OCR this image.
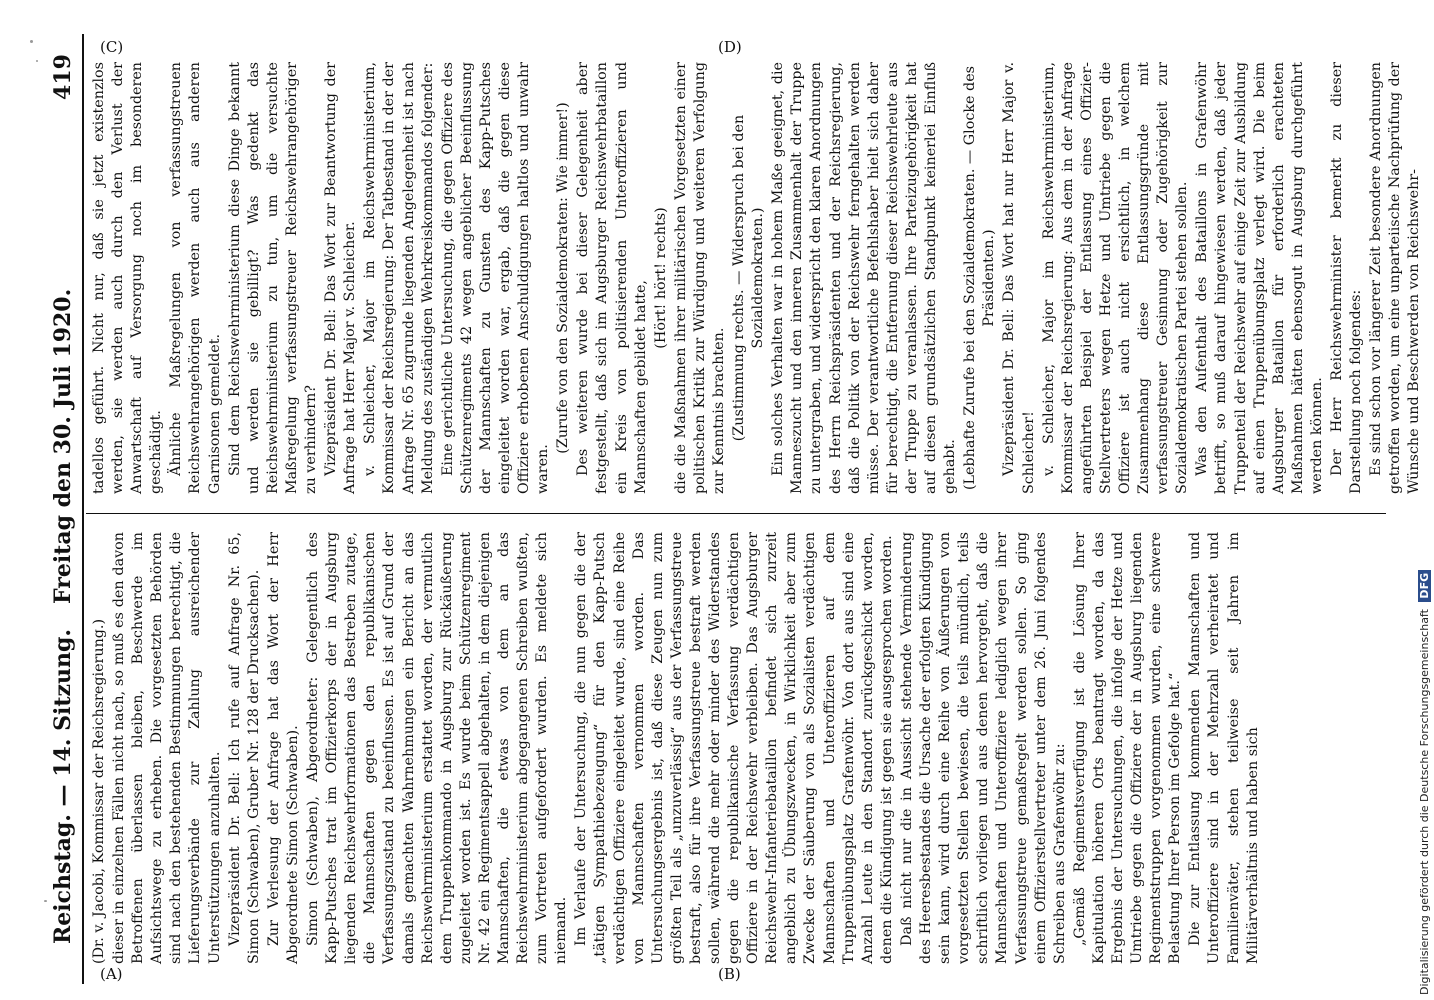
Reichstag. — 14. Sitzung.
Freitag den 30. Juli 1920.
419

(Dr. v. Jacobi, Kommissar der Reichsregierung.) dieser in einzelnen Fällen nicht nach, so muß es den davon Betroffenen überlassen bleiben, Beschwerde im Aufsichtswege zu erheben. Die vorgesetzten Behörden sind nach den bestehenden Bestimmungen berechtigt, die Lieferungsverbände zur Zahlung ausreichender Unterstützungen anzuhalten. Vizepräsident Dr. Bell: Ich rufe auf Anfrage Nr. 65, Simon (Schwaben), Gruber Nr. 128 der Drucksachen). Zur Verlesung der Anfrage hat das Wort der Herr Abgeordnete Simon (Schwaben). Simon (Schwaben), Abgeordneter: Gelegentlich des Kapp-Putsches trat im Offizierkorps der in Augsburg liegenden Reichswehrformationen das Bestreben zutage, die Mannschaften gegen den republikanischen Verfassungszustand zu beeinflussen. Es ist auf Grund der damals gemachten Wahrnehmungen ein Bericht an das Reichswehrministerium erstattet worden, der vermutlich dem Truppenkommando in Augsburg zur Rückäußerung zugeleitet worden ist. Es wurde beim Schützenregiment Nr. 42 ein Regimentsappell abgehalten, in dem diejenigen Mannschaften, die etwas von dem an das Reichswehrministerium abgegangenen Schreiben wußten, zum Vortreten aufgefordert wurden. Es meldete sich niemand. Im Verlaufe der Untersuchung, die nun gegen die der „tätigen Sympathiebezeugung“ für den Kapp-Putsch verdächtigen Offiziere eingeleitet wurde, sind eine Reihe von Mannschaften vernommen worden. Das Untersuchungsergebnis ist, daß diese Zeugen nun zum größten Teil als „unzuverlässig“ aus der Verfassungstreue bestraft, also für ihre Verfassungstreue bestraft werden sollen, während die mehr oder minder des Widerstandes gegen die republikanische Verfassung verdächtigen Offiziere in der Reichswehr verbleiben. Das Augsburger Reichswehr-Infanteriebataillon befindet sich zurzeit angeblich zu Übungszwecken, in Wirklichkeit aber zum Zwecke der Säuberung von als Sozialisten verdächtigen Mannschaften und Unteroffizieren auf dem Truppenübungsplatz Grafenwöhr. Von dort aus sind eine Anzahl Leute in den Standort zurückgeschickt worden, denen die Kündigung ist gegen sie ausgesprochen worden. Daß nicht nur die in Aussicht stehende Verminderung des Heeresbestandes die Ursache der erfolgten Kündigung sein kann, wird durch eine Reihe von Äußerungen von vorgesetzten Stellen bewiesen, die teils mündlich, teils schriftlich vorliegen und aus denen hervorgeht, daß die Mannschaften und Unteroffiziere lediglich wegen ihrer Verfassungstreue gemaßregelt werden sollen. So ging einem Offizierstellvertreter unter dem 26. Juni folgendes Schreiben aus Grafenwöhr zu: „Gemäß Regimentsverfügung ist die Lösung Ihrer Kapitulation höheren Orts beantragt worden, da das Ergebnis der Untersuchungen, die infolge der Hetze und Umtriebe gegen die Offiziere der in Augsburg liegenden Regimentstruppen vorgenommen wurden, eine schwere Belastung Ihrer Person im Gefolge hat.“ Die zur Entlassung kommenden Mannschaften und Unteroffiziere sind in der Mehrzahl verheiratet und Familienväter, stehen teilweise seit Jahren im Militärverhältnis und haben sich

tadellos geführt. Nicht nur, daß sie jetzt existenzlos werden, sie werden auch durch den Verlust der Anwartschaft auf Versorgung noch im besonderen geschädigt. Ähnliche Maßregelungen von verfassungstreuen Reichswehrangehörigen werden auch aus anderen Garnisonen gemeldet. Sind dem Reichswehrministerium diese Dinge bekannt und werden sie gebilligt? Was gedenkt das Reichswehrministerium zu tun, um die versuchte Maßregelung verfassungstreuer Reichswehrangehöriger zu verhindern? Vizepräsident Dr. Bell: Das Wort zur Beantwortung der Anfrage hat Herr Major v. Schleicher. v. Schleicher, Major im Reichswehrministerium, Kommissar der Reichsregierung: Der Tatbestand in der der Anfrage Nr. 65 zugrunde liegenden Angelegenheit ist nach Meldung des zuständigen Wehrkreiskommandos folgender: Eine gerichtliche Untersuchung, die gegen Offiziere des Schützenregiments 42 wegen angeblicher Beeinflussung der Mannschaften zu Gunsten des Kapp-Putsches eingeleitet worden war, ergab, daß die gegen diese Offiziere erhobenen Anschuldigungen haltlos und unwahr waren.

(Zurufe von den Sozialdemokraten: Wie immer!) Des weiteren wurde bei dieser Gelegenheit aber festgestellt, daß sich im Augsburger Reichswehrbataillon ein Kreis von politisierenden Unteroffizieren und Mannschaften gebildet hatte,

(Hört! hört! rechts) die die Maßnahmen ihrer militärischen Vorgesetzten einer politischen Kritik zur Würdigung und weiteren Verfolgung zur Kenntnis brachten. (Zustimmung rechts. — Widerspruch bei den Sozialdemokraten.) Ein solches Verhalten war in hohem Maße geeignet, die Manneszucht und den inneren Zusammenhalt der Truppe zu untergraben, und widerspricht den klaren Anordnungen des Herrn Reichspräsidenten und der Reichsregierung, daß die Politik von der Reichswehr ferngehalten werden müsse. Der verantwortliche Befehlshaber hielt sich daher für berechtigt, die Entfernung dieser Reichswehrleute aus der Truppe zu veranlassen. Ihre Parteizugehörigkeit hat auf diesen grundsätzlichen Standpunkt keinerlei Einfluß gehabt. (Lebhafte Zurufe bei den Sozialdemokraten. — Glocke des Präsidenten.) Vizepräsident Dr. Bell: Das Wort hat nur Herr Major v. Schleicher! v. Schleicher, Major im Reichswehrministerium, Kommissar der Reichsregierung: Aus dem in der Anfrage angeführten Beispiel der Entlassung eines Offizier-Stellvertreters wegen Hetze und Umtriebe gegen die Offiziere ist auch nicht ersichtlich, in welchem Zusammenhang diese Entlassungsgründe mit verfassungstreuer Gesinnung oder Zugehörigkeit zur Sozialdemokratischen Partei stehen sollen. Was den Aufenthalt des Bataillons in Grafenwöhr betrifft, so muß darauf hingewiesen werden, daß jeder Truppenteil der Reichswehr auf einige Zeit zur Ausbildung auf einen Truppenübungsplatz verlegt wird. Die beim Augsburger Bataillon für erforderlich erachteten Maßnahmen hätten ebensogut in Augsburg durchgeführt werden können. Der Herr Reichswehrminister bemerkt zu dieser Darstellung noch folgendes: Es sind schon vor längerer Zeit besondere Anordnungen getroffen worden, um eine unparteiische Nachprüfung der Wünsche und Beschwerden von Reichswehr-

(A)	(B)
(C)	(D)
Digitalisierung gefördert durch die Deutsche Forschungsgemeinschaft DFG
